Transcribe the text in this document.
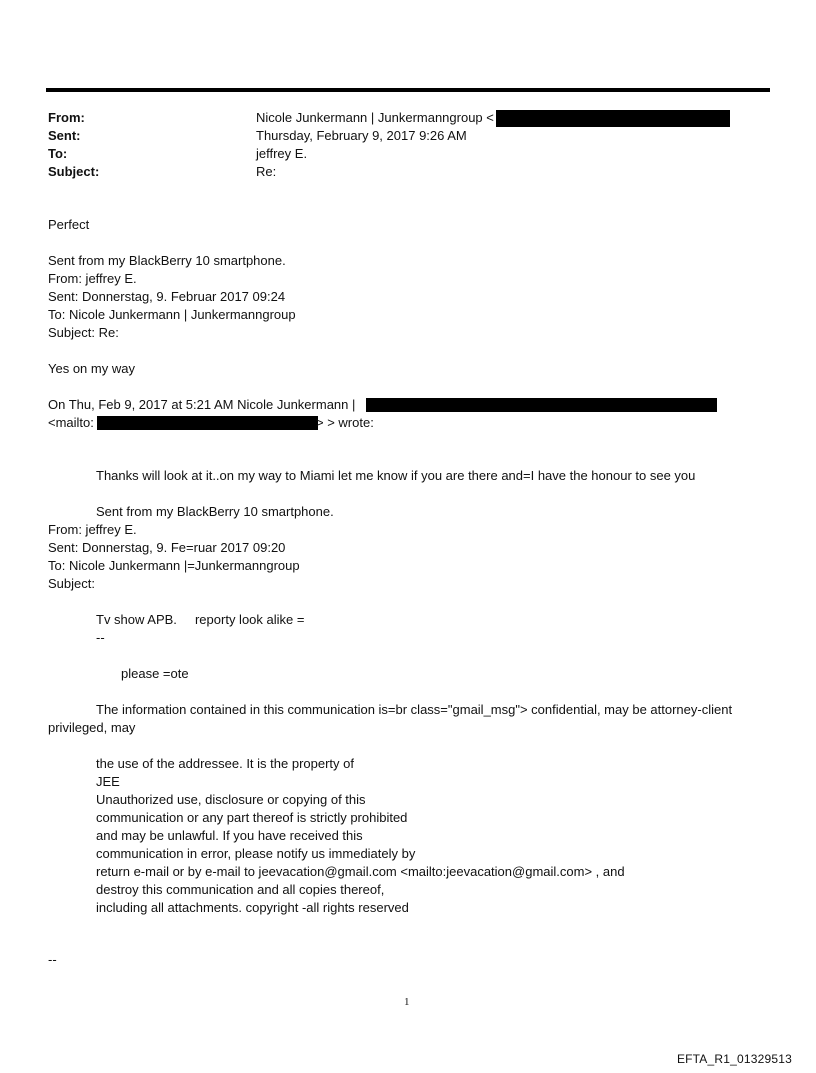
From:	Nicole Junkermann | Junkermanngroup <
Sent:	Thursday, February 9, 2017 9:26 AM
To:	jeffrey E.
Subject:	Re:
Perfect
Sent from my BlackBerry 10 smartphone.
From: jeffrey E.
Sent: Donnerstag, 9. Februar 2017 09:24
To: Nicole Junkermann | Junkermanngroup
Subject: Re:
Yes on my way
On Thu, Feb 9, 2017 at 5:21 AM Nicole Junkermann |
<mailto:	> > wrote:
Thanks will look at it..on my way to Miami let me know if you are there and=I have the honour to see you
Sent from my BlackBerry 10 smartphone.
From: jeffrey E.
Sent: Donnerstag, 9. Fe=ruar 2017 09:20
To: Nicole Junkermann |=Junkermanngroup
Subject:
Tv show APB.     reporty look alike =
--
please =ote
The information contained in this communication is=br class="gmail_msg"> confidential, may be attorney-client
privileged, may
the use of the addressee. It is the property of
JEE
Unauthorized use, disclosure or copying of this
communication or any part thereof is strictly prohibited
and may be unlawful. If you have received this
communication in error, please notify us immediately by
return e-mail or by e-mail to jeevacation@gmail.com <mailto:jeevacation@gmail.com> , and
destroy this communication and all copies thereof,
including all attachments. copyright -all rights reserved
--
1
EFTA_R1_01329513
